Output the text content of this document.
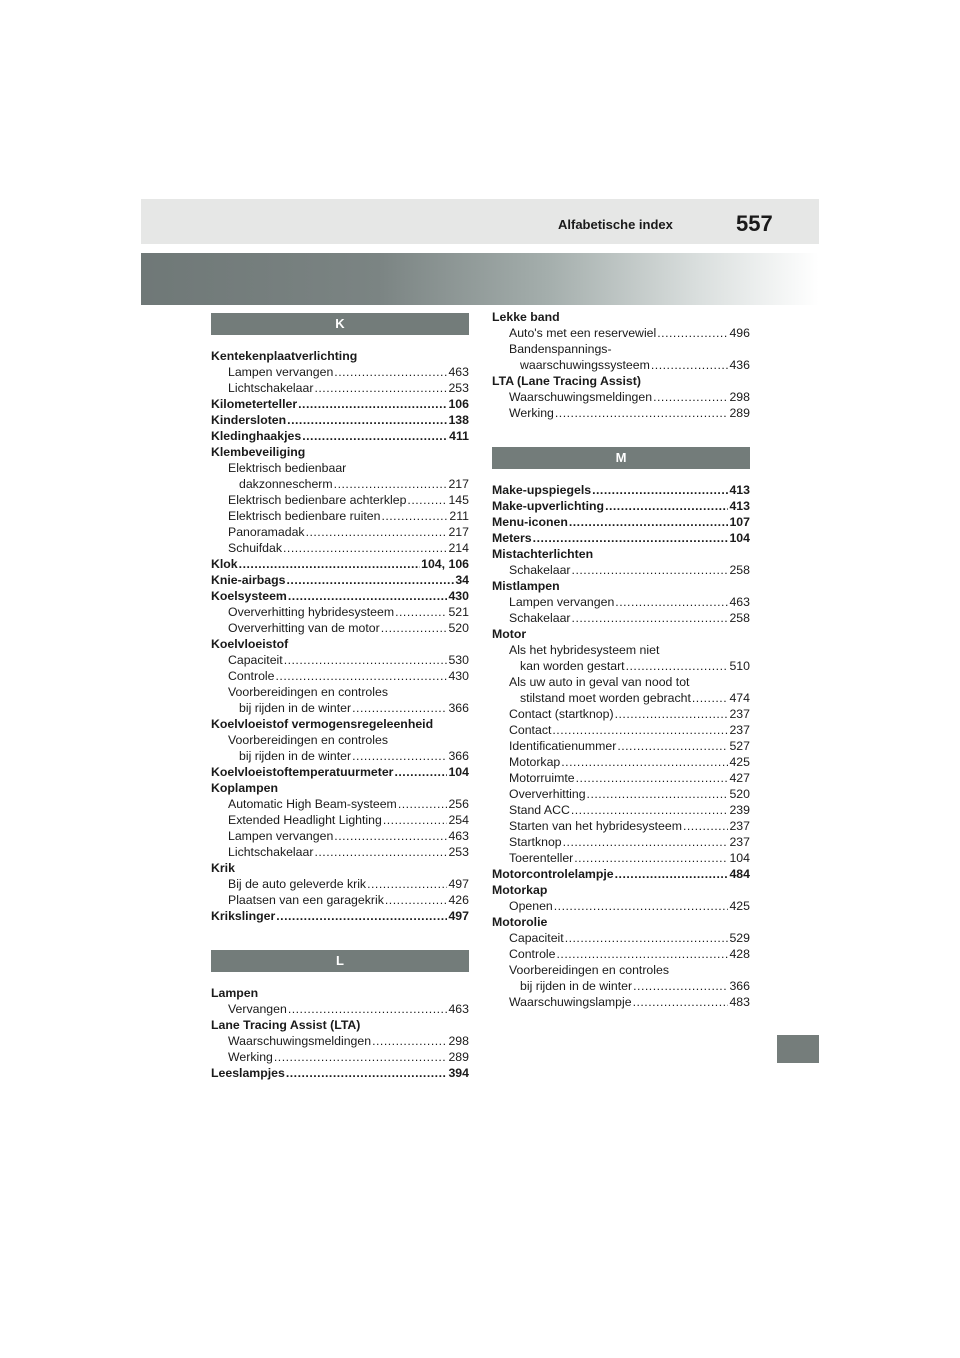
Alfabetische index	557
K
Kentekenplaatverlichting
Lampen vervangen .....	463
Lichtschakelaar .....	253
Kilometerteller .....	106
Kindersloten .....	138
Kledinghaakjes .....	411
Klembeveiliging
Elektrisch bedienbaar
dakzonnescherm .....	217
Elektrisch bedienbare achterklep .....	145
Elektrisch bedienbare ruiten .....	211
Panoramadak .....	217
Schuifdak .....	214
Klok .....	104, 106
Knie-airbags .....	34
Koelsysteem .....	430
Oververhitting hybridesysteem .....	521
Oververhitting van de motor .....	520
Koelvloeistof
Capaciteit .....	530
Controle .....	430
Voorbereidingen en controles
bij rijden in de winter .....	366
Koelvloeistof vermogensregeleenheid
Voorbereidingen en controles
bij rijden in de winter .....	366
Koelvloeistoftemperatuurmeter .....	104
Koplampen
Automatic High Beam-systeem .....	256
Extended Headlight Lighting .....	254
Lampen vervangen .....	463
Lichtschakelaar .....	253
Krik
Bij de auto geleverde krik .....	497
Plaatsen van een garagekrik .....	426
Krikslinger .....	497
L
Lampen
Vervangen .....	463
Lane Tracing Assist (LTA)
Waarschuwingsmeldingen .....	298
Werking .....	289
Leeslampjes .....	394
Lekke band
Auto's met een reservewiel .....	496
Bandenspannings-
waarschuwingssysteem .....	436
LTA (Lane Tracing Assist)
Waarschuwingsmeldingen .....	298
Werking .....	289
M
Make-upspiegels .....	413
Make-upverlichting .....	413
Menu-iconen .....	107
Meters .....	104
Mistachterlichten
Schakelaar .....	258
Mistlampen
Lampen vervangen .....	463
Schakelaar .....	258
Motor
Als het hybridesysteem niet
kan worden gestart .....	510
Als uw auto in geval van nood tot
stilstand moet worden gebracht .....	474
Contact (startknop) .....	237
Contact .....	237
Identificatienummer .....	527
Motorkap .....	425
Motorruimte .....	427
Oververhitting .....	520
Stand ACC .....	239
Starten van het hybridesysteem .....	237
Startknop .....	237
Toerenteller .....	104
Motorcontrolelampje .....	484
Motorkap
Openen .....	425
Motorolie
Capaciteit .....	529
Controle .....	428
Voorbereidingen en controles
bij rijden in de winter .....	366
Waarschuwingslampje .....	483
